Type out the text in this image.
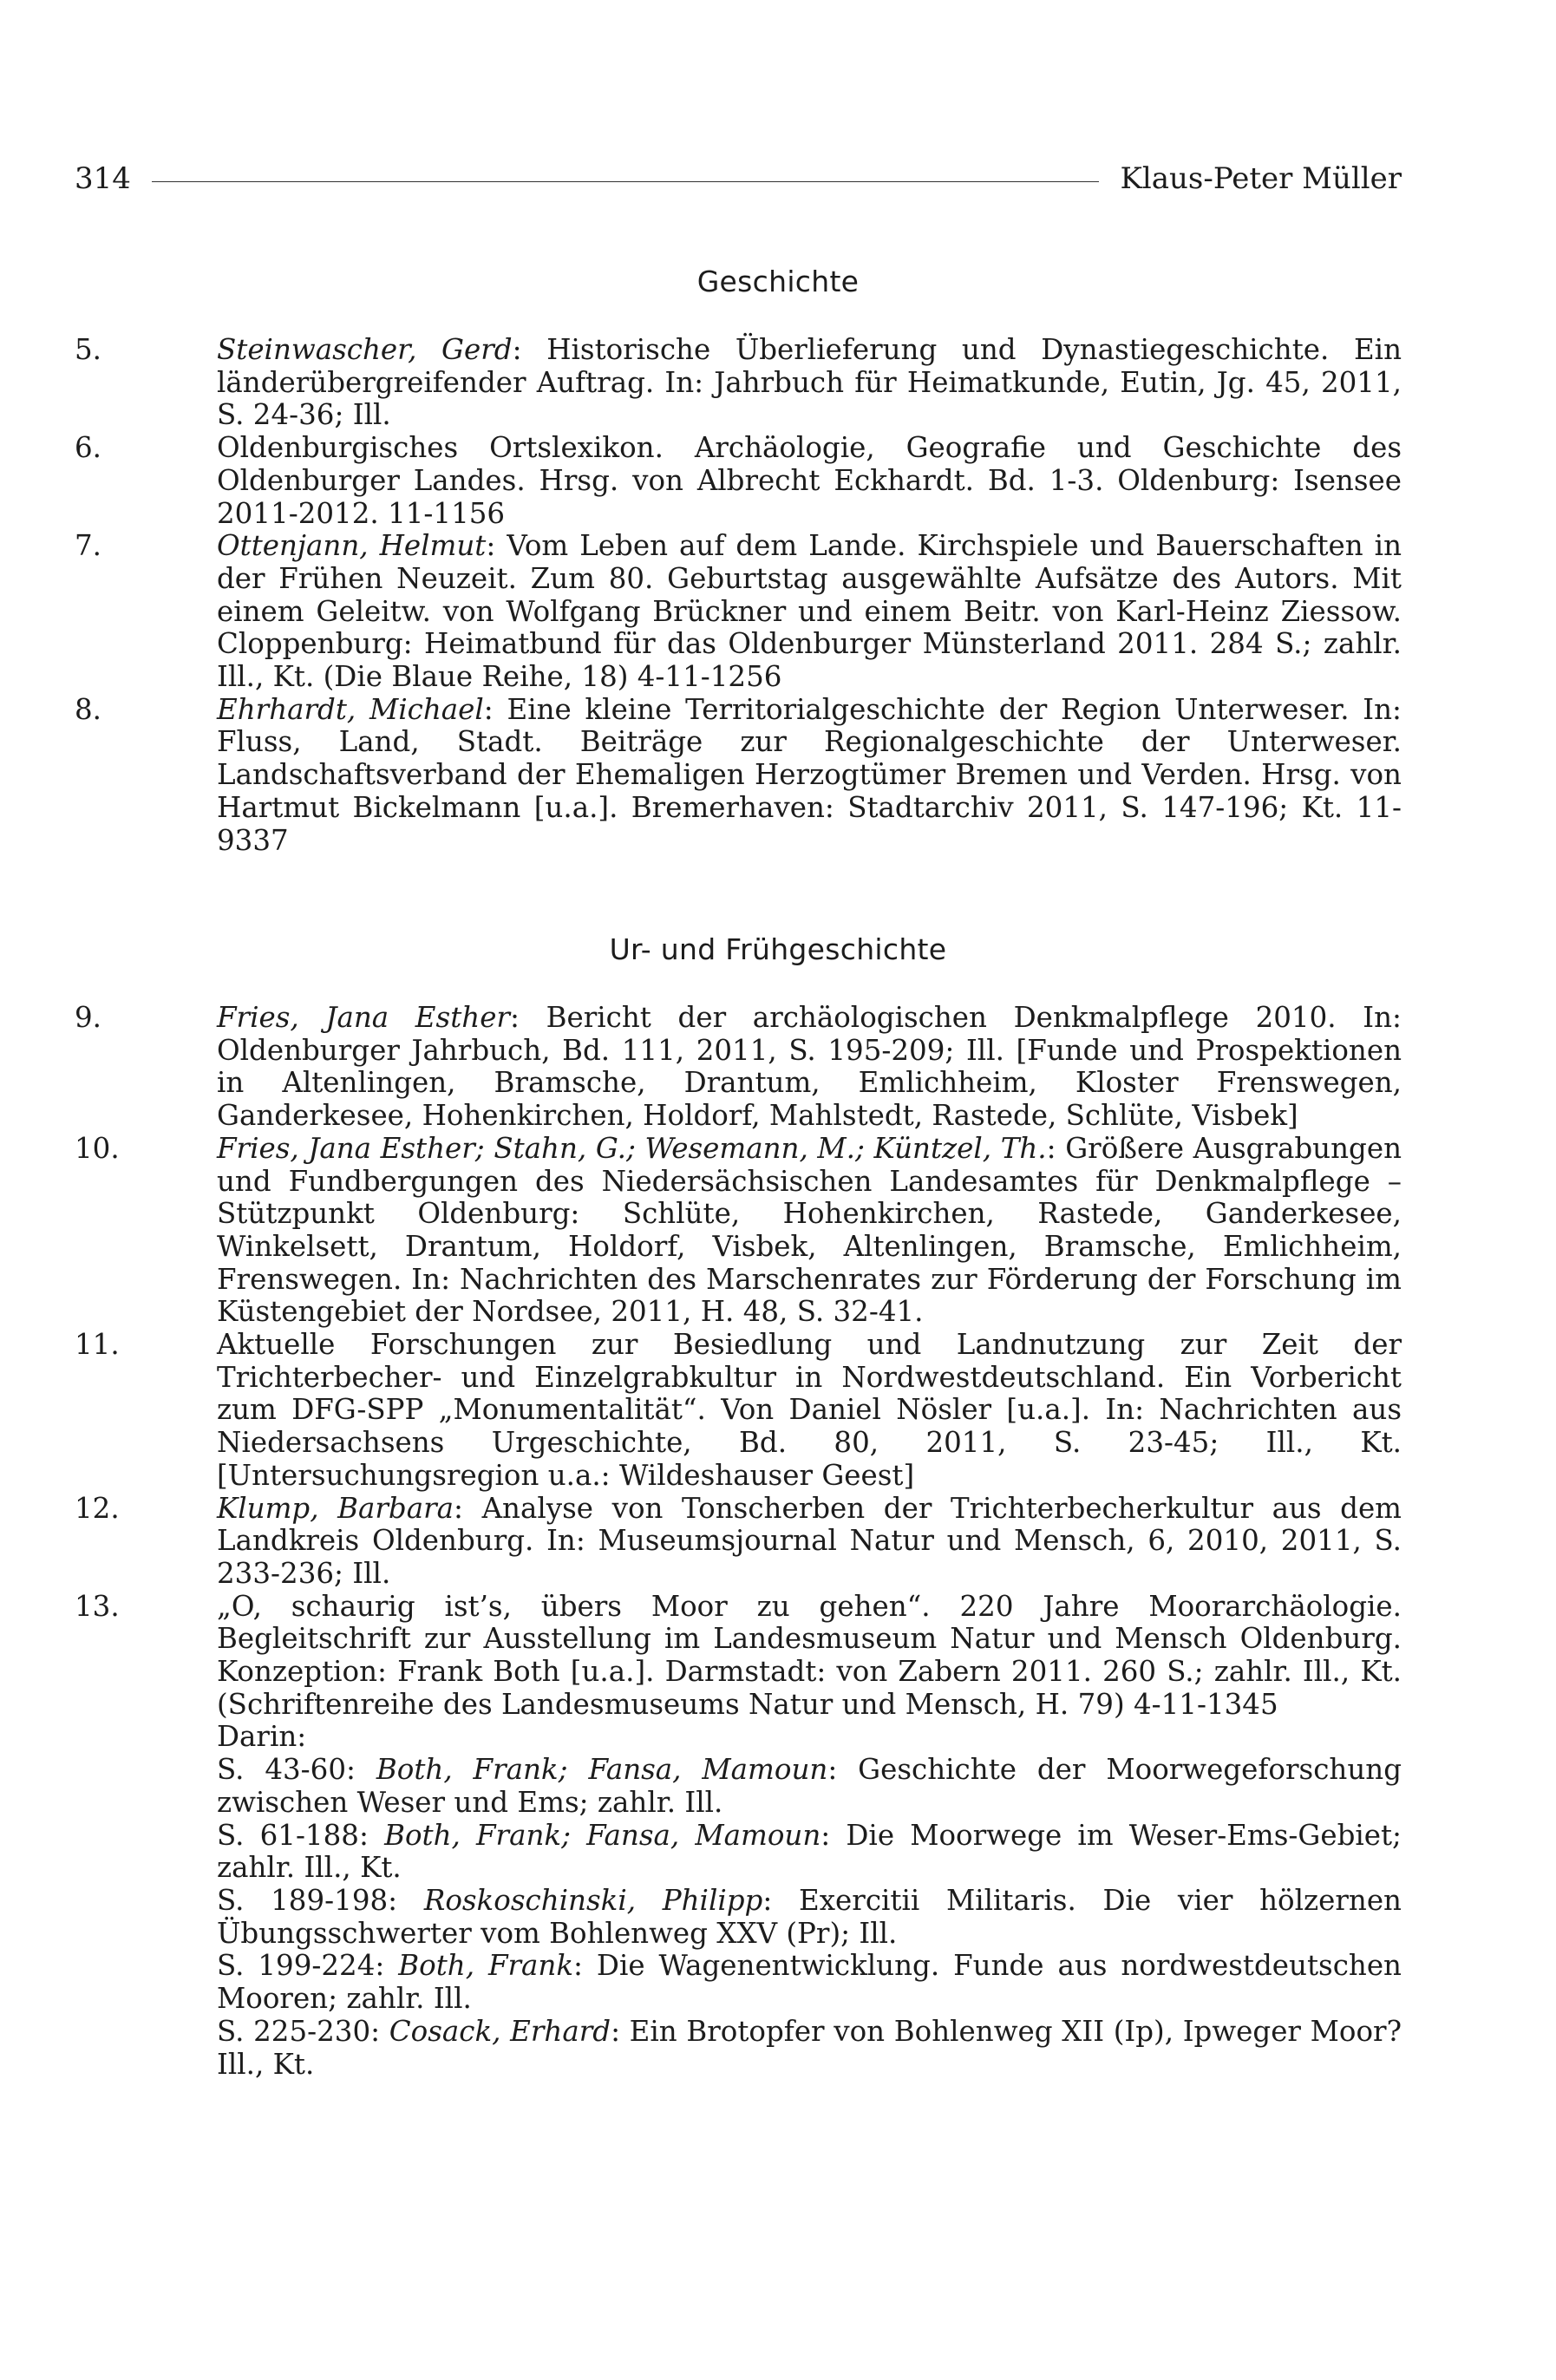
314	Klaus-Peter Müller
Geschichte
5.	Steinwascher, Gerd: Historische Überlieferung und Dynastiegeschichte. Ein länderübergreifender Auftrag. In: Jahrbuch für Heimatkunde, Eutin, Jg. 45, 2011, S. 24-36; Ill.

6.	Oldenburgisches Ortslexikon. Archäologie, Geografie und Geschichte des Oldenburger Landes. Hrsg. von Albrecht Eckhardt. Bd. 1-3. Oldenburg: Isensee 2011-2012. 11-1156

7.	Ottenjann, Helmut: Vom Leben auf dem Lande. Kirchspiele und Bauerschaften in der Frühen Neuzeit. Zum 80. Geburtstag ausgewählte Aufsätze des Autors. Mit einem Geleitw. von Wolfgang Brückner und einem Beitr. von Karl-Heinz Ziessow. Cloppenburg: Heimatbund für das Oldenburger Münsterland 2011. 284 S.; zahlr. Ill., Kt. (Die Blaue Reihe, 18) 4-11-1256

8.	Ehrhardt, Michael: Eine kleine Territorialgeschichte der Region Unterweser. In: Fluss, Land, Stadt. Beiträge zur Regionalgeschichte der Unterweser. Landschaftsverband der Ehemaligen Herzogtümer Bremen und Verden. Hrsg. von Hartmut Bickelmann [u.a.]. Bremerhaven: Stadtarchiv 2011, S. 147-196; Kt. 11-9337

Ur- und Frühgeschichte
9.	Fries, Jana Esther: Bericht der archäologischen Denkmalpflege 2010. In: Oldenburger Jahrbuch, Bd. 111, 2011, S. 195-209; Ill. [Funde und Prospektionen in Altenlingen, Bramsche, Drantum, Emlichheim, Kloster Frenswegen, Ganderkesee, Hohenkirchen, Holdorf, Mahlstedt, Rastede, Schlüte, Visbek]

10.	Fries, Jana Esther; Stahn, G.; Wesemann, M.; Küntzel, Th.: Größere Ausgrabungen und Fundbergungen des Niedersächsischen Landesamtes für Denkmalpflege – Stützpunkt Oldenburg: Schlüte, Hohenkirchen, Rastede, Ganderkesee, Winkelsett, Drantum, Holdorf, Visbek, Altenlingen, Bramsche, Emlichheim, Frenswegen. In: Nachrichten des Marschenrates zur Förderung der Forschung im Küstengebiet der Nordsee, 2011, H. 48, S. 32-41.

11.	Aktuelle Forschungen zur Besiedlung und Landnutzung zur Zeit der Trichterbecher- und Einzelgrabkultur in Nordwestdeutschland. Ein Vorbericht zum DFG-SPP „Monumentalität“. Von Daniel Nösler [u.a.]. In: Nachrichten aus Niedersachsens Urgeschichte, Bd. 80, 2011, S. 23-45; Ill., Kt. [Untersuchungsregion u.a.: Wildeshauser Geest]

12.	Klump, Barbara: Analyse von Tonscherben der Trichterbecherkultur aus dem Landkreis Oldenburg. In: Museumsjournal Natur und Mensch, 6, 2010, 2011, S. 233-236; Ill.

13.	„O, schaurig ist’s, übers Moor zu gehen“. 220 Jahre Moorarchäologie. Begleitschrift zur Ausstellung im Landesmuseum Natur und Mensch Oldenburg. Konzeption: Frank Both [u.a.]. Darmstadt: von Zabern 2011. 260 S.; zahlr. Ill., Kt. (Schriftenreihe des Landesmuseums Natur und Mensch, H. 79) 4-11-1345

Darin:

S. 43-60: Both, Frank; Fansa, Mamoun: Geschichte der Moorwegeforschung zwischen Weser und Ems; zahlr. Ill.

S. 61-188: Both, Frank; Fansa, Mamoun: Die Moorwege im Weser-Ems-Gebiet; zahlr. Ill., Kt.

S. 189-198: Roskoschinski, Philipp: Exercitii Militaris. Die vier hölzernen Übungsschwerter vom Bohlenweg XXV (Pr); Ill.

S. 199-224: Both, Frank: Die Wagenentwicklung. Funde aus nordwestdeutschen Mooren; zahlr. Ill.

S. 225-230: Cosack, Erhard: Ein Brotopfer von Bohlenweg XII (Ip), Ipweger Moor? Ill., Kt.
